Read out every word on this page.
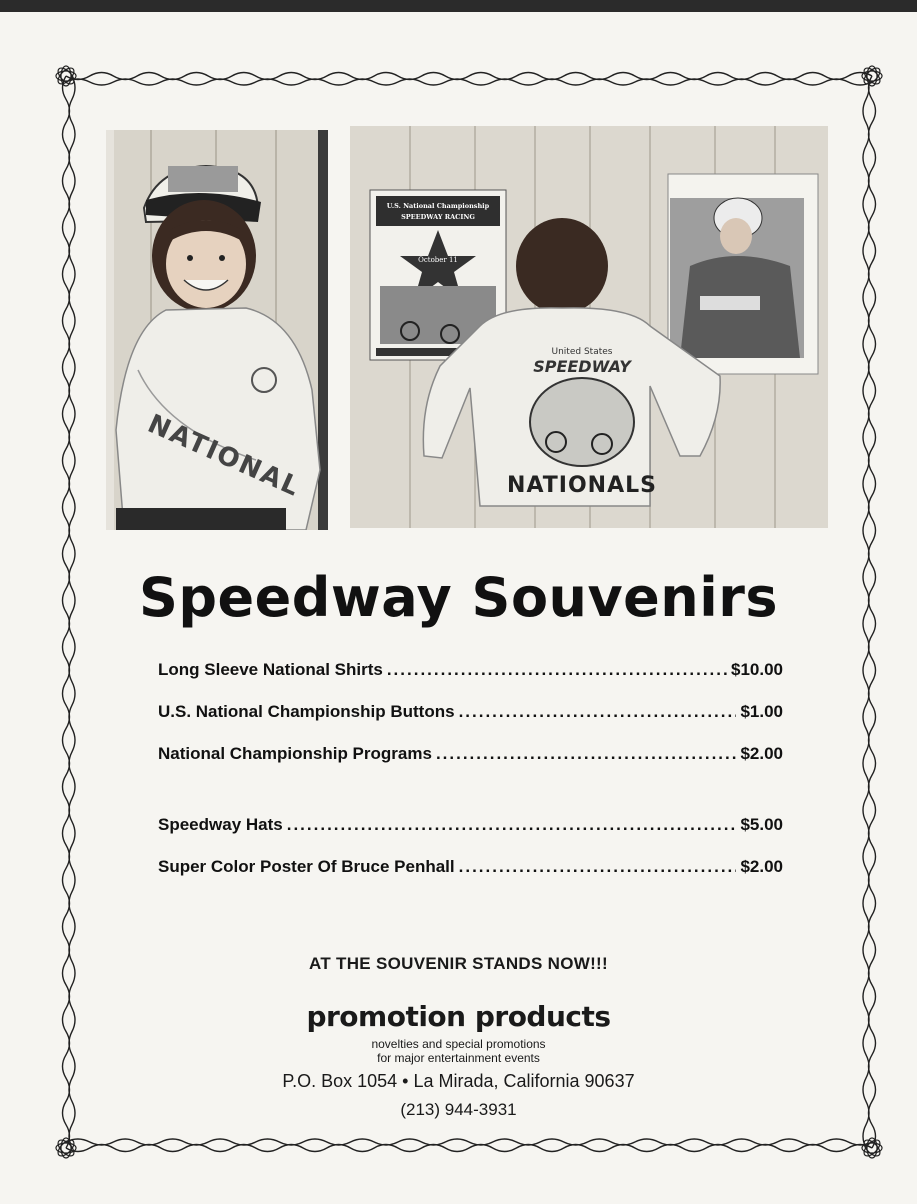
NATIONAL
U.S. National Championship
SPEEDWAY RACING
October 11
United States
SPEEDWAY
NATIONALS
Speedway Souvenirs
Long Sleeve National Shirts .....	$10.00
U.S. National Championship Buttons .....	$1.00
National Championship Programs .....	$2.00
Speedway Hats .....	$5.00
Super Color Poster Of Bruce Penhall .....	$2.00
AT THE SOUVENIR STANDS NOW!!!
promotion products
novelties and special promotions
for major entertainment events
P.O. Box 1054 • La Mirada, California 90637
(213) 944-3931
